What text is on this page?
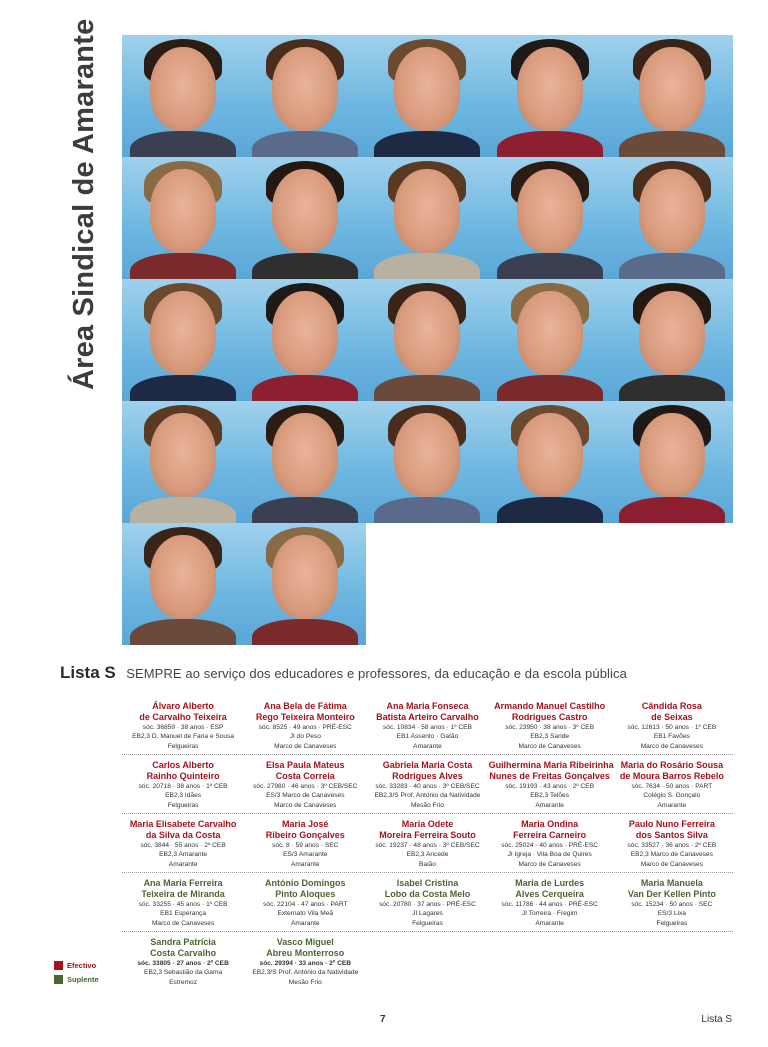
Área Sindical de Amarante
Lista S SEMPRE ao serviço dos educadores e professores, da educação e da escola pública
Álvaro Alberto
de Carvalho Teixeira
sóc. 36859 · 38 anos · ESP
EB2,3 D. Manuel de Faria e Sousa
Felgueiras
Ana Bela de Fátima
Rego Teixeira Monteiro
sóc. 8525 · 49 anos · PRÉ-ESC
JI do Peso
Marco de Canaveses
Ana Maria Fonseca
Batista Arteiro Carvalho
sóc. 10834 · 58 anos · 1º CEB
EB1 Assento · Gatão
Amarante
Armando Manuel Castilho
Rodrigues Castro
sóc. 23950 · 38 anos · 3º CEB
EB2,3 Sande
Marco de Canaveses
Cândida Rosa
de Seixas
sóc. 12613 · 50 anos · 1º CEB
EB1 Favões
Marco de Canaveses
Carlos Alberto
Rainho Quinteiro
sóc. 20718 · 38 anos · 1º CEB
EB2,3 Idães
Felgueiras
Elsa Paula Mateus
Costa Correia
sóc. 27980 · 46 anos · 3º CEB/SEC
ES/3 Marco de Canaveses
Marco de Canaveses
Gabriela Maria Costa
Rodrigues Alves
sóc. 33283 · 40 anos · 3º CEB/SEC
EB2,3/S Prof. António da Natividade
Mesão Frio
Guilhermina Maria Ribeirinha
Nunes de Freitas Gonçalves
sóc. 19193 · 43 anos · 2º CEB
EB2,3 Telões
Amarante
Maria do Rosário Sousa
de Moura Barros Rebelo
sóc. 7634 · 50 anos · PART
Colégio S. Gonçalo
Amarante
Maria Elisabete Carvalho
da Silva da Costa
sóc. 3844 · 55 anos · 2º CEB
EB2,3 Amarante
Amarante
Maria José
Ribeiro Gonçalves
sóc. 8 · 59 anos · SEC
ES/3 Amarante
Amarante
Maria Odete
Moreira Ferreira Souto
sóc. 19237 · 48 anos · 3º CEB/SEC
EB2,3 Ancede
Baião
Maria Ondina
Ferreira Carneiro
sóc. 25024 · 40 anos · PRÉ-ESC
JI Igreja · Vila Boa de Quires
Marco de Canaveses
Paulo Nuno Ferreira
dos Santos Silva
sóc. 33527 · 36 anos · 2º CEB
EB2,3 Marco de Canaveses
Marco de Canaveses
Ana Maria Ferreira
Teixeira de Miranda
sóc. 33255 · 45 anos · 1º CEB
EB1 Esperança
Marco de Canaveses
António Domingos
Pinto Aloques
sóc. 22104 · 47 anos · PART
Externato Vila Meã
Amarante
Isabel Cristina
Lobo da Costa Melo
sóc. 20780 · 37 anos · PRÉ-ESC
JI Lagares
Felgueiras
Maria de Lurdes
Alves Cerqueira
sóc. 11786 · 44 anos · PRÉ-ESC
JI Torreira · Fregim
Amarante
Maria Manuela
Van Der Kellen Pinto
sóc. 15234 · 50 anos · SEC
ES/3 Lixa
Felgueiras
Sandra Patrícia
Costa Carvalho
sóc. 33805 · 27 anos · 2º CEB
EB2,3 Sebastião da Gama
Estremoz
Vasco Miguel
Abreu Monterroso
sóc. 29394 · 33 anos · 2º CEB
EB2,3/S Prof. António da Natividade
Mesão Frio
Efectivo
Suplente
7	Lista S
